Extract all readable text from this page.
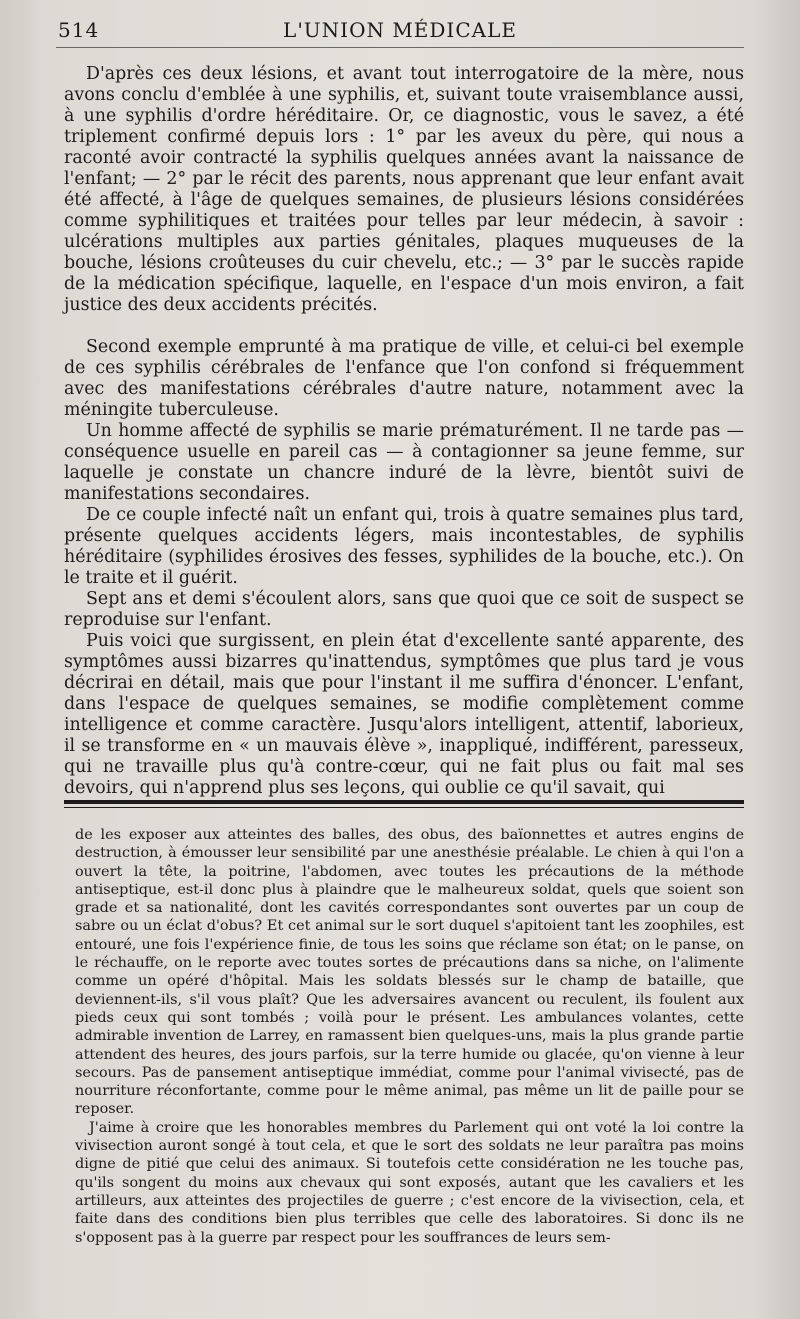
514	L'UNION MÉDICALE

D'après ces deux lésions, et avant tout interrogatoire de la mère, nous avons conclu d'emblée à une syphilis, et, suivant toute vraisemblance aussi, à une syphilis d'ordre héréditaire. Or, ce diagnostic, vous le savez, a été triplement confirmé depuis lors : 1° par les aveux du père, qui nous a raconté avoir contracté la syphilis quelques années avant la naissance de l'enfant; — 2° par le récit des parents, nous apprenant que leur enfant avait été affecté, à l'âge de quelques semaines, de plusieurs lésions considérées comme syphilitiques et traitées pour telles par leur médecin, à savoir : ulcérations multiples aux parties génitales, plaques muqueuses de la bouche, lésions croûteuses du cuir chevelu, etc.; — 3° par le succès rapide de la médication spécifique, laquelle, en l'espace d'un mois environ, a fait justice des deux accidents précités.

Second exemple emprunté à ma pratique de ville, et celui-ci bel exemple de ces syphilis cérébrales de l'enfance que l'on confond si fréquemment avec des manifestations cérébrales d'autre nature, notamment avec la méningite tuberculeuse.

Un homme affecté de syphilis se marie prématurément. Il ne tarde pas — conséquence usuelle en pareil cas — à contagionner sa jeune femme, sur laquelle je constate un chancre induré de la lèvre, bientôt suivi de manifestations secondaires.

De ce couple infecté naît un enfant qui, trois à quatre semaines plus tard, présente quelques accidents légers, mais incontestables, de syphilis héréditaire (syphilides érosives des fesses, syphilides de la bouche, etc.). On le traite et il guérit.

Sept ans et demi s'écoulent alors, sans que quoi que ce soit de suspect se reproduise sur l'enfant.

Puis voici que surgissent, en plein état d'excellente santé apparente, des symptômes aussi bizarres qu'inattendus, symptômes que plus tard je vous décrirai en détail, mais que pour l'instant il me suffira d'énoncer. L'enfant, dans l'espace de quelques semaines, se modifie complètement comme intelligence et comme caractère. Jusqu'alors intelligent, attentif, laborieux, il se transforme en « un mauvais élève », inappliqué, indifférent, paresseux, qui ne travaille plus qu'à contre-cœur, qui ne fait plus ou fait mal ses devoirs, qui n'apprend plus ses leçons, qui oublie ce qu'il savait, qui

de les exposer aux atteintes des balles, des obus, des baïonnettes et autres engins de destruction, à émousser leur sensibilité par une anesthésie préalable. Le chien à qui l'on a ouvert la tête, la poitrine, l'abdomen, avec toutes les précautions de la méthode antiseptique, est-il donc plus à plaindre que le malheureux soldat, quels que soient son grade et sa nationalité, dont les cavités correspondantes sont ouvertes par un coup de sabre ou un éclat d'obus? Et cet animal sur le sort duquel s'apitoient tant les zoophiles, est entouré, une fois l'expérience finie, de tous les soins que réclame son état; on le panse, on le réchauffe, on le reporte avec toutes sortes de précautions dans sa niche, on l'alimente comme un opéré d'hôpital. Mais les soldats blessés sur le champ de bataille, que deviennent-ils, s'il vous plaît? Que les adversaires avancent ou reculent, ils foulent aux pieds ceux qui sont tombés ; voilà pour le présent. Les ambulances volantes, cette admirable invention de Larrey, en ramassent bien quelques-uns, mais la plus grande partie attendent des heures, des jours parfois, sur la terre humide ou glacée, qu'on vienne à leur secours. Pas de pansement antiseptique immédiat, comme pour l'animal vivisecté, pas de nourriture réconfortante, comme pour le même animal, pas même un lit de paille pour se reposer.

J'aime à croire que les honorables membres du Parlement qui ont voté la loi contre la vivisection auront songé à tout cela, et que le sort des soldats ne leur paraîtra pas moins digne de pitié que celui des animaux. Si toutefois cette considération ne les touche pas, qu'ils songent du moins aux chevaux qui sont exposés, autant que les cavaliers et les artilleurs, aux atteintes des projectiles de guerre ; c'est encore de la vivisection, cela, et faite dans des conditions bien plus terribles que celle des laboratoires. Si donc ils ne s'opposent pas à la guerre par respect pour les souffrances de leurs sem-
